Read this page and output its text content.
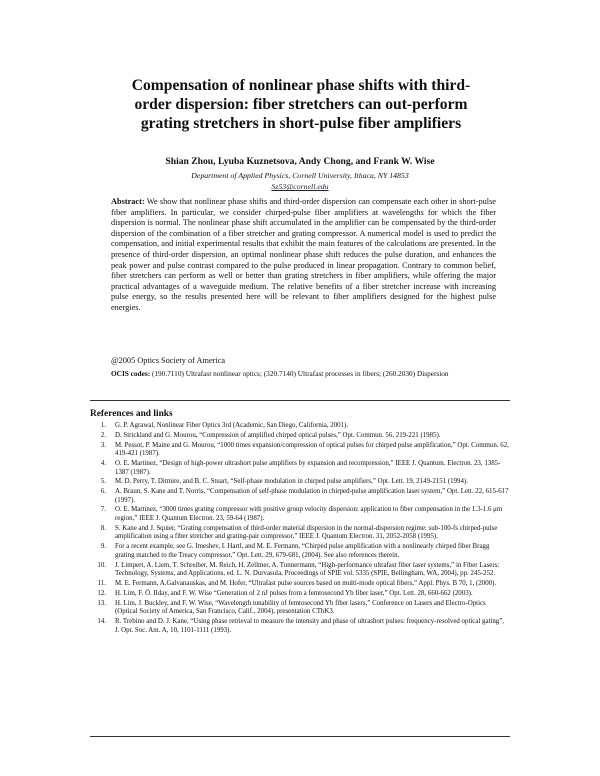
Compensation of nonlinear phase shifts with third-
order dispersion: fiber stretchers can out-perform
grating stretchers in short-pulse fiber amplifiers
Shian Zhou, Lyuba Kuznetsova, Andy Chong, and Frank W. Wise
Department of Applied Physics, Cornell University, Ithaca, NY 14853
Sz53@cornell.edu
Abstract: We show that nonlinear phase shifts and third-order dispersion can compensate each other in short-pulse fiber amplifiers. In particular, we consider chirped-pulse fiber amplifiers at wavelengths for which the fiber dispersion is normal. The nonlinear phase shift accumulated in the amplifier can be compensated by the third-order dispersion of the combination of a fiber stretcher and grating compressor. A numerical model is used to predict the compensation, and initial experimental results that exhibit the main features of the calculations are presented. In the presence of third-order dispersion, an optimal nonlinear phase shift reduces the pulse duration, and enhances the peak power and pulse contrast compared to the pulse produced in linear propagation. Contrary to common belief, fiber stretchers can perform as well or better than grating stretchers in fiber amplifiers, while offering the major practical advantages of a waveguide medium. The relative benefits of a fiber stretcher increase with increasing pulse energy, so the results presented here will be relevant to fiber amplifiers designed for the highest pulse energies.
@2005 Optics Society of America
OCIS codes: (190.7110) Ultrafast nonlinear optics; (320.7140) Ultrafast processes in fibers; (260.2030) Dispersion
References and links
1. G. P. Agrawal, Nonlinear Fiber Optics 3rd (Academic, San Diego, California, 2001).
2. D. Strickland and G. Mourou, “Compression of amplified chirped optical pulses,” Opt. Commun. 56, 219-221 (1985).
3. M. Pessot, P. Maine and G. Mourou, “1000 times expansion/compression of optical pulses for chirped pulse amplification,” Opt. Commun. 62, 419-421 (1987).
4. O. E. Martinez, “Design of high-power ultrashort pulse amplifiers by expansion and recompression,” IEEE J. Quantum. Electron. 23, 1385-1387 (1987).
5. M. D. Perry, T. Ditmire, and B. C. Stuart, “Self-phase modulation in chirped pulse amplifiers,” Opt. Lett. 19, 2149-2151 (1994).
6. A. Braun, S. Kane and T. Norris, “Compensation of self-phase modulation in chirped-pulse amplification laser system,” Opt. Lett. 22, 615-617 (1997).
7. O. E. Martinez, “3000 times grating compressor with positive group velocity dispersion: application to fiber compensation in the 1.3-1.6 μm region,” IEEE J. Quantum Electron. 23, 59-64 (1987).
8. S. Kane and J. Squier, “Grating compensation of third-order material dispersion in the normal-dispersion regime: sub-100-fs chirped-pulse amplification using a fiber stretcher and grating-pair compressor,” IEEE J. Quantum Electron. 31, 2052-2058 (1995).
9. For a recent example, see G. Imeshev, I. Hartl, and M. E. Fermann, “Chirped pulse amplification with a nonlinearly chirped fiber Bragg grating matched to the Treacy compressor,” Opt. Lett. 29, 679-681, (2004). See also references therein.
10. J. Limpert, A. Liem, T. Schreiber, M. Reich, H. Zellmer, A. Tunnermann, “High-performance ultrafast fiber laser systems,” in Fiber Lasers: Technology, Systems, and Applications, ed. L. N. Durvasula, Proceedings of SPIE vol. 5335 (SPIE, Bellingham, WA, 2004), pp. 245-252.
11. M. E. Fermann, A.Galvanauskas, and M. Hofer, “Ultrafast pulse sources based on multi-mode optical fibers,” Appl. Phys. B 70, 1, (2000).
12. H. Lim, F. Ö. Ilday, and F. W. Wise “Generation of 2 nJ pulses from a femtosecond Yb fiber laser,” Opt. Lett. 28, 660-662 (2003).
13. H. Lim, J. Buckley, and F. W. Wise, “Wavelength tunability of femtosecond Yb fiber lasers,” Conference on Lasers and Electro-Optics (Optical Society of America, San Francisco, Calif., 2004), presentation CThK3.
14. R. Trebino and D. J. Kane, “Using phase retrieval to measure the intensity and phase of ultrashort pulses: frequency-resolved optical gating”, J. Opt. Soc. Am. A, 10, 1101-1111 (1993).
